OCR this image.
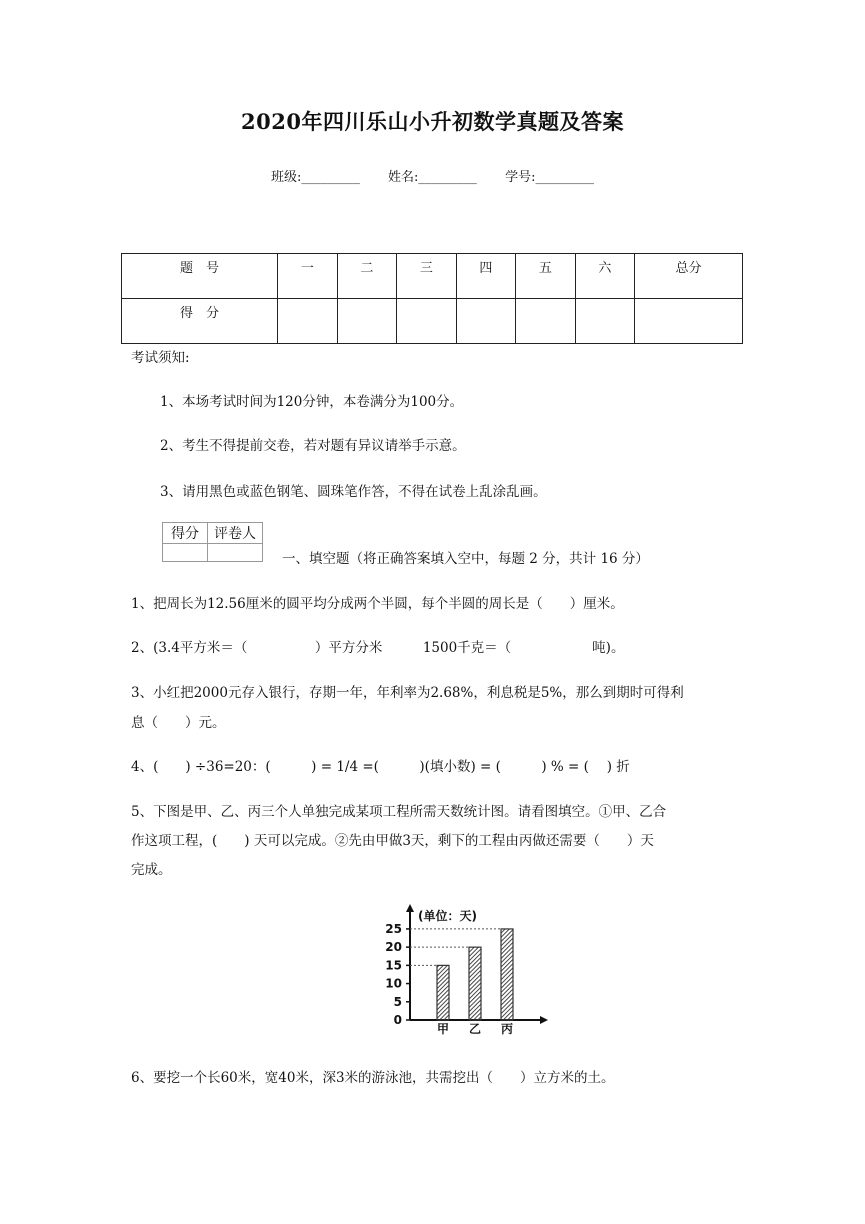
2020年四川乐山小升初数学真题及答案
班级:_________ 姓名:_________ 学号:_________
题　号	一	二	三	四	五	六	总分
得　分							
考试须知:
1、本场考试时间为120分钟，本卷满分为100分。
2、考生不得提前交卷，若对题有异议请举手示意。
3、请用黑色或蓝色钢笔、圆珠笔作答，不得在试卷上乱涂乱画。
得分	评卷人

一、填空题（将正确答案填入空中，每题 2 分，共计 16 分）
1、把周长为12.56厘米的圆平均分成两个半圆，每个半圆的周长是（　　）厘米。
2、(3.4平方米＝（　　　　　）平方分米　　　1500千克＝（　　　　　　吨)。
3、小红把2000元存入银行，存期一年，年利率为2.68%，利息税是5%，那么到期时可得利
息（　　）元。
4、(　　) ÷36=20：(　　　) = 1/4 =(　　　)(填小数) = (　　　) % = (　 ) 折
5、下图是甲、乙、丙三个人单独完成某项工程所需天数统计图。请看图填空。①甲、乙合
作这项工程，(　　) 天可以完成。②先由甲做3天，剩下的工程由丙做还需要（　　）天
完成。
(单位：天)
0
5
10
15
20
25
甲 乙 丙
6、要挖一个长60米，宽40米，深3米的游泳池，共需挖出（　　）立方米的土。
